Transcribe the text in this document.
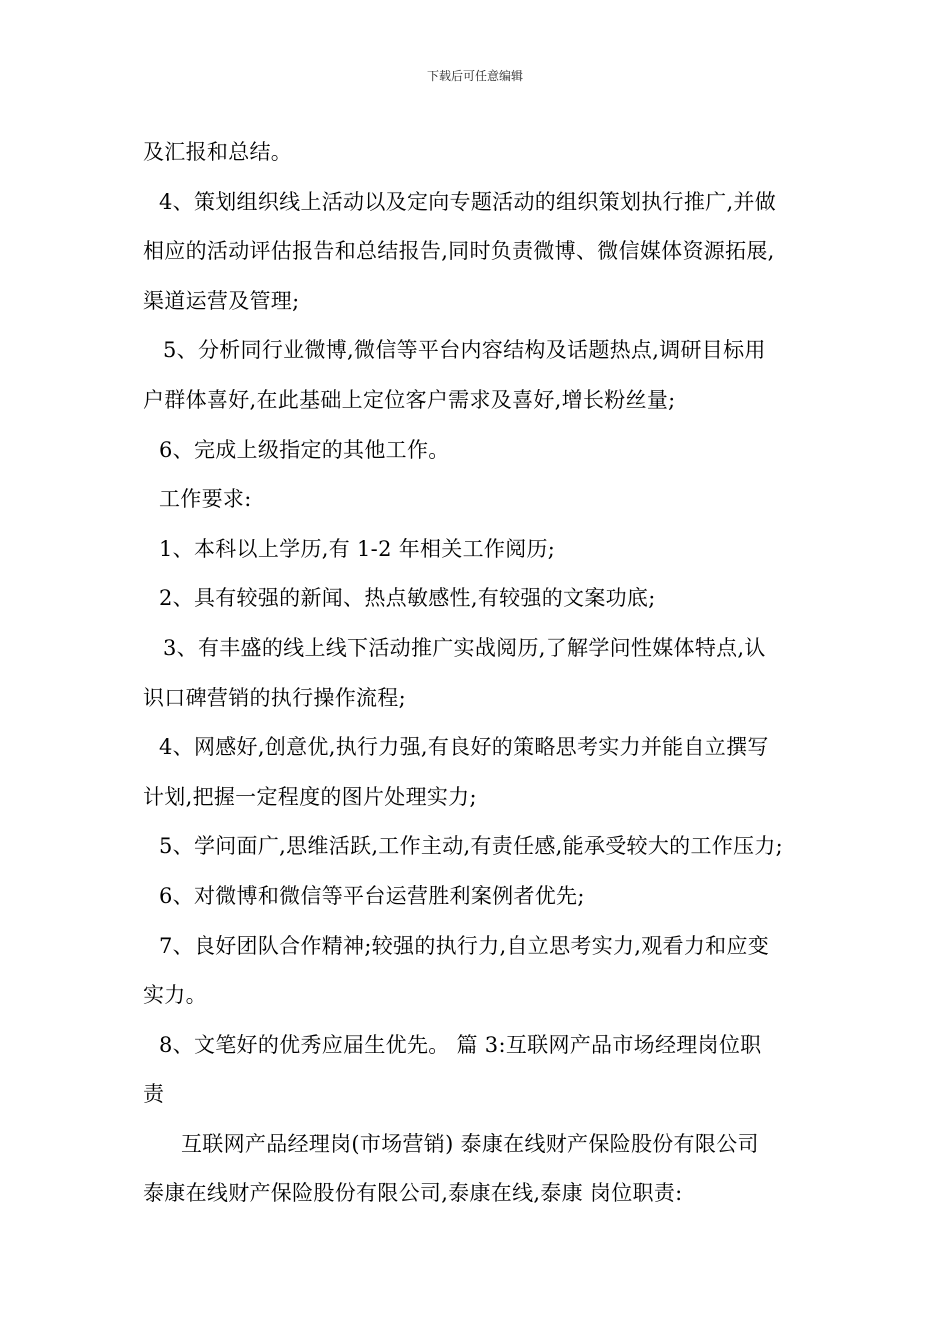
下载后可任意编辑
及汇报和总结。
4、策划组织线上活动以及定向专题活动的组织策划执行推广,并做
相应的活动评估报告和总结报告,同时负责微博、微信媒体资源拓展,
渠道运营及管理;
5、分析同行业微博,微信等平台内容结构及话题热点,调研目标用
户群体喜好,在此基础上定位客户需求及喜好,增长粉丝量;
6、完成上级指定的其他工作。
工作要求:
1、本科以上学历,有 1-2 年相关工作阅历;
2、具有较强的新闻、热点敏感性,有较强的文案功底;
3、有丰盛的线上线下活动推广实战阅历,了解学问性媒体特点,认
识口碑营销的执行操作流程;
4、网感好,创意优,执行力强,有良好的策略思考实力并能自立撰写
计划,把握一定程度的图片处理实力;
5、学问面广,思维活跃,工作主动,有责任感,能承受较大的工作压力;
6、对微博和微信等平台运营胜利案例者优先;
7、良好团队合作精神;较强的执行力,自立思考实力,观看力和应变
实力。
8、文笔好的优秀应届生优先。 篇 3:互联网产品市场经理岗位职
责
互联网产品经理岗(市场营销) 泰康在线财产保险股份有限公司
泰康在线财产保险股份有限公司,泰康在线,泰康 岗位职责:
